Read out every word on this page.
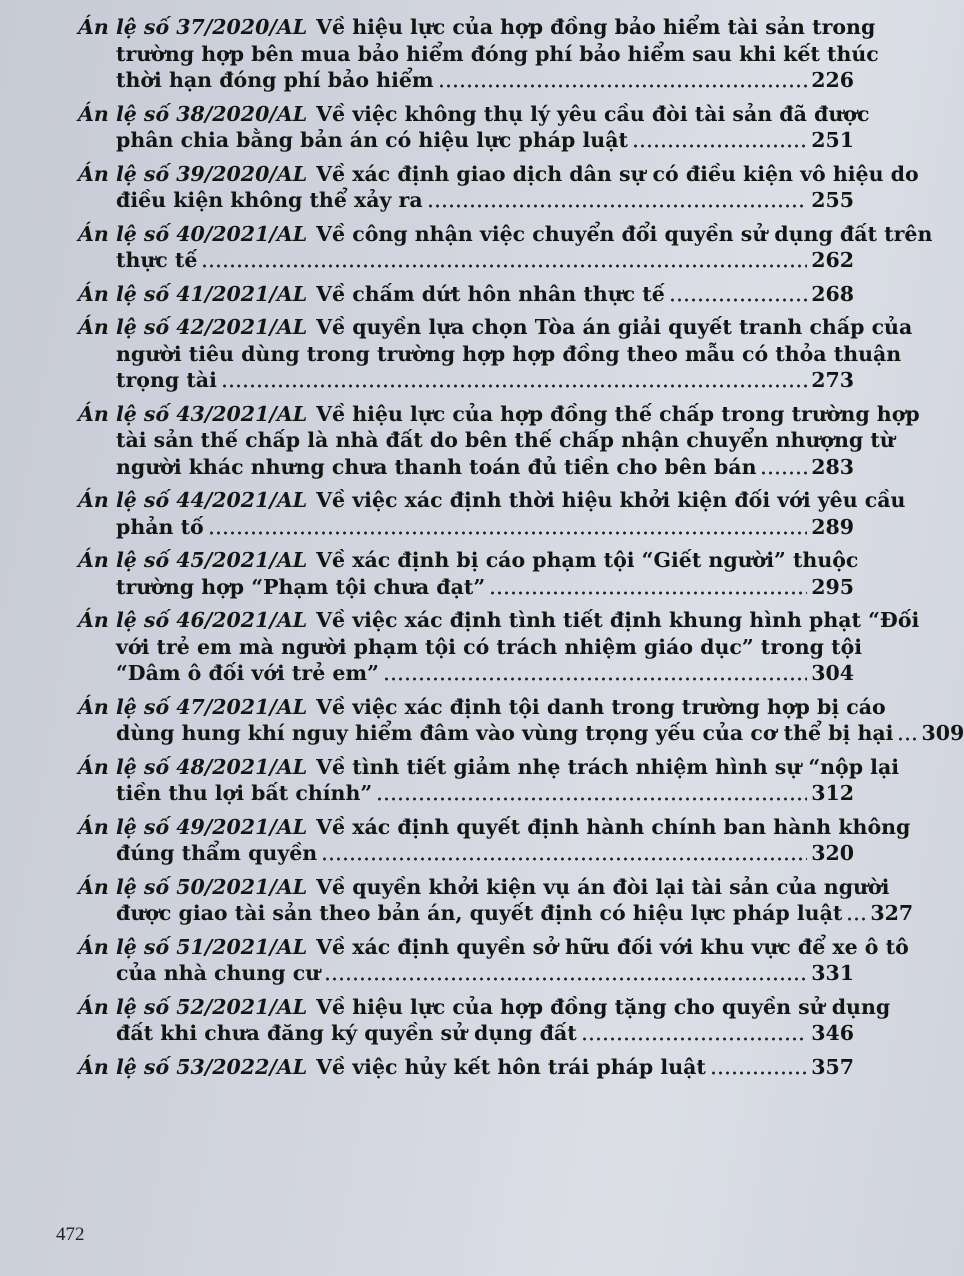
Án lệ số 37/2020/AL Về hiệu lực của hợp đồng bảo hiểm tài sản trong
trường hợp bên mua bảo hiểm đóng phí bảo hiểm sau khi kết thúc
thời hạn đóng phí bảo hiểm	226
Án lệ số 38/2020/AL Về việc không thụ lý yêu cầu đòi tài sản đã được
phân chia bằng bản án có hiệu lực pháp luật	251
Án lệ số 39/2020/AL Về xác định giao dịch dân sự có điều kiện vô hiệu do
điều kiện không thể xảy ra	255
Án lệ số 40/2021/AL Về công nhận việc chuyển đổi quyền sử dụng đất trên
thực tế	262
Án lệ số 41/2021/AL Về chấm dứt hôn nhân thực tế	268
Án lệ số 42/2021/AL Về quyền lựa chọn Tòa án giải quyết tranh chấp của
người tiêu dùng trong trường hợp hợp đồng theo mẫu có thỏa thuận
trọng tài	273
Án lệ số 43/2021/AL Về hiệu lực của hợp đồng thế chấp trong trường hợp
tài sản thế chấp là nhà đất do bên thế chấp nhận chuyển nhượng từ
người khác nhưng chưa thanh toán đủ tiền cho bên bán	283
Án lệ số 44/2021/AL Về việc xác định thời hiệu khởi kiện đối với yêu cầu
phản tố	289
Án lệ số 45/2021/AL Về xác định bị cáo phạm tội “Giết người” thuộc
trường hợp “Phạm tội chưa đạt”	295
Án lệ số 46/2021/AL Về việc xác định tình tiết định khung hình phạt “Đối
với trẻ em mà người phạm tội có trách nhiệm giáo dục” trong tội
“Dâm ô đối với trẻ em”	304
Án lệ số 47/2021/AL Về việc xác định tội danh trong trường hợp bị cáo
dùng hung khí nguy hiểm đâm vào vùng trọng yếu của cơ thể bị hại 309
Án lệ số 48/2021/AL Về tình tiết giảm nhẹ trách nhiệm hình sự “nộp lại
tiền thu lợi bất chính”	312
Án lệ số 49/2021/AL Về xác định quyết định hành chính ban hành không
đúng thẩm quyền	320
Án lệ số 50/2021/AL Về quyền khởi kiện vụ án đòi lại tài sản của người
được giao tài sản theo bản án, quyết định có hiệu lực pháp luật 327
Án lệ số 51/2021/AL Về xác định quyền sở hữu đối với khu vực để xe ô tô
của nhà chung cư	331
Án lệ số 52/2021/AL Về hiệu lực của hợp đồng tặng cho quyền sử dụng
đất khi chưa đăng ký quyền sử dụng đất	346
Án lệ số 53/2022/AL Về việc hủy kết hôn trái pháp luật	357
472
